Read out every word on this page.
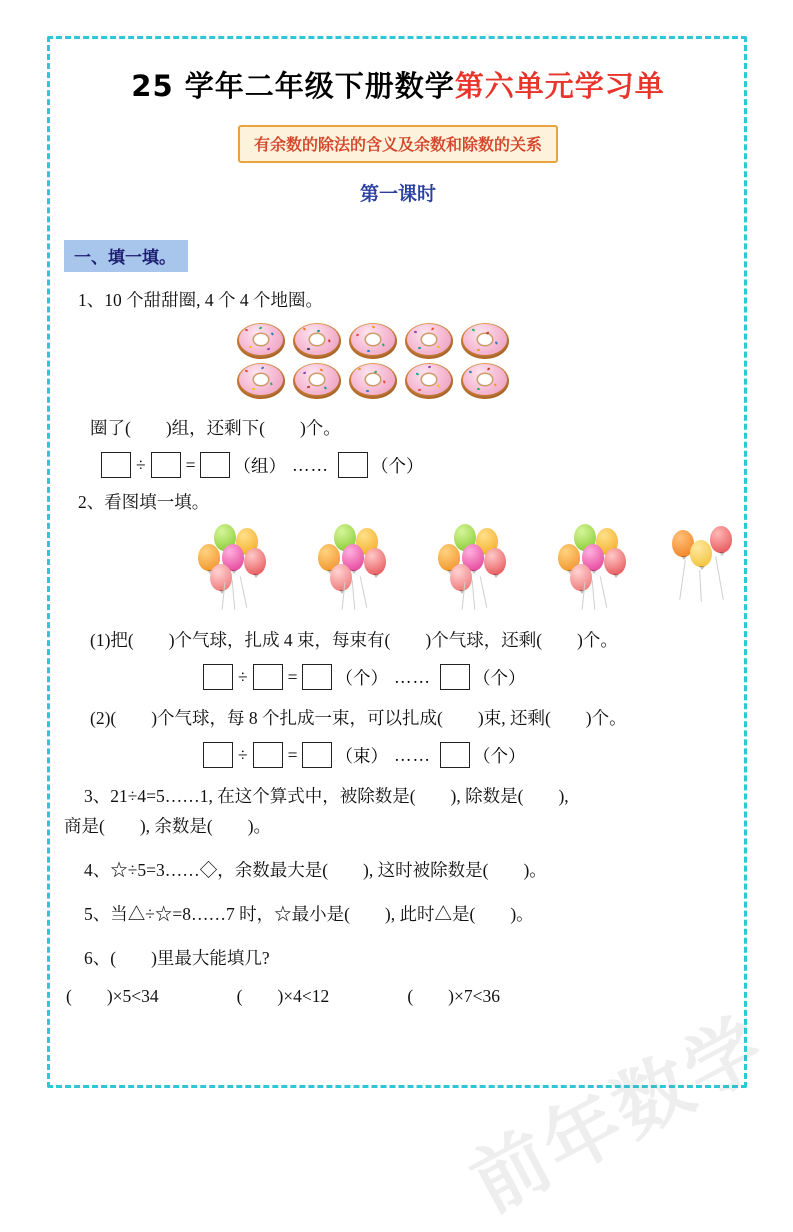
25 学年二年级下册数学第六单元学习单
有余数的除法的含义及余数和除数的关系
第一课时
一、填一填。
1、10 个甜甜圈, 4 个 4 个地圈。
圈了(　　)组，还剩下(　　)个。
÷ = （组） …… （个）
2、看图填一填。
(1)把(　　)个气球，扎成 4 束，每束有(　　)个气球，还剩(　　)个。
÷ = （个） …… （个）
(2)(　　)个气球，每 8 个扎成一束，可以扎成(　　)束, 还剩(　　)个。
÷ = （束） …… （个）
3、21÷4=5……1, 在这个算式中，被除数是(　　), 除数是(　　),
商是(　　), 余数是(　　)。
4、☆÷5=3……◇，余数最大是(　　), 这时被除数是(　　)。
5、当△÷☆=8……7 时，☆最小是(　　), 此时△是(　　)。
6、(　　)里最大能填几?
(　　)×5<34	(　　)×4<12	(　　)×7<36
前年数学
